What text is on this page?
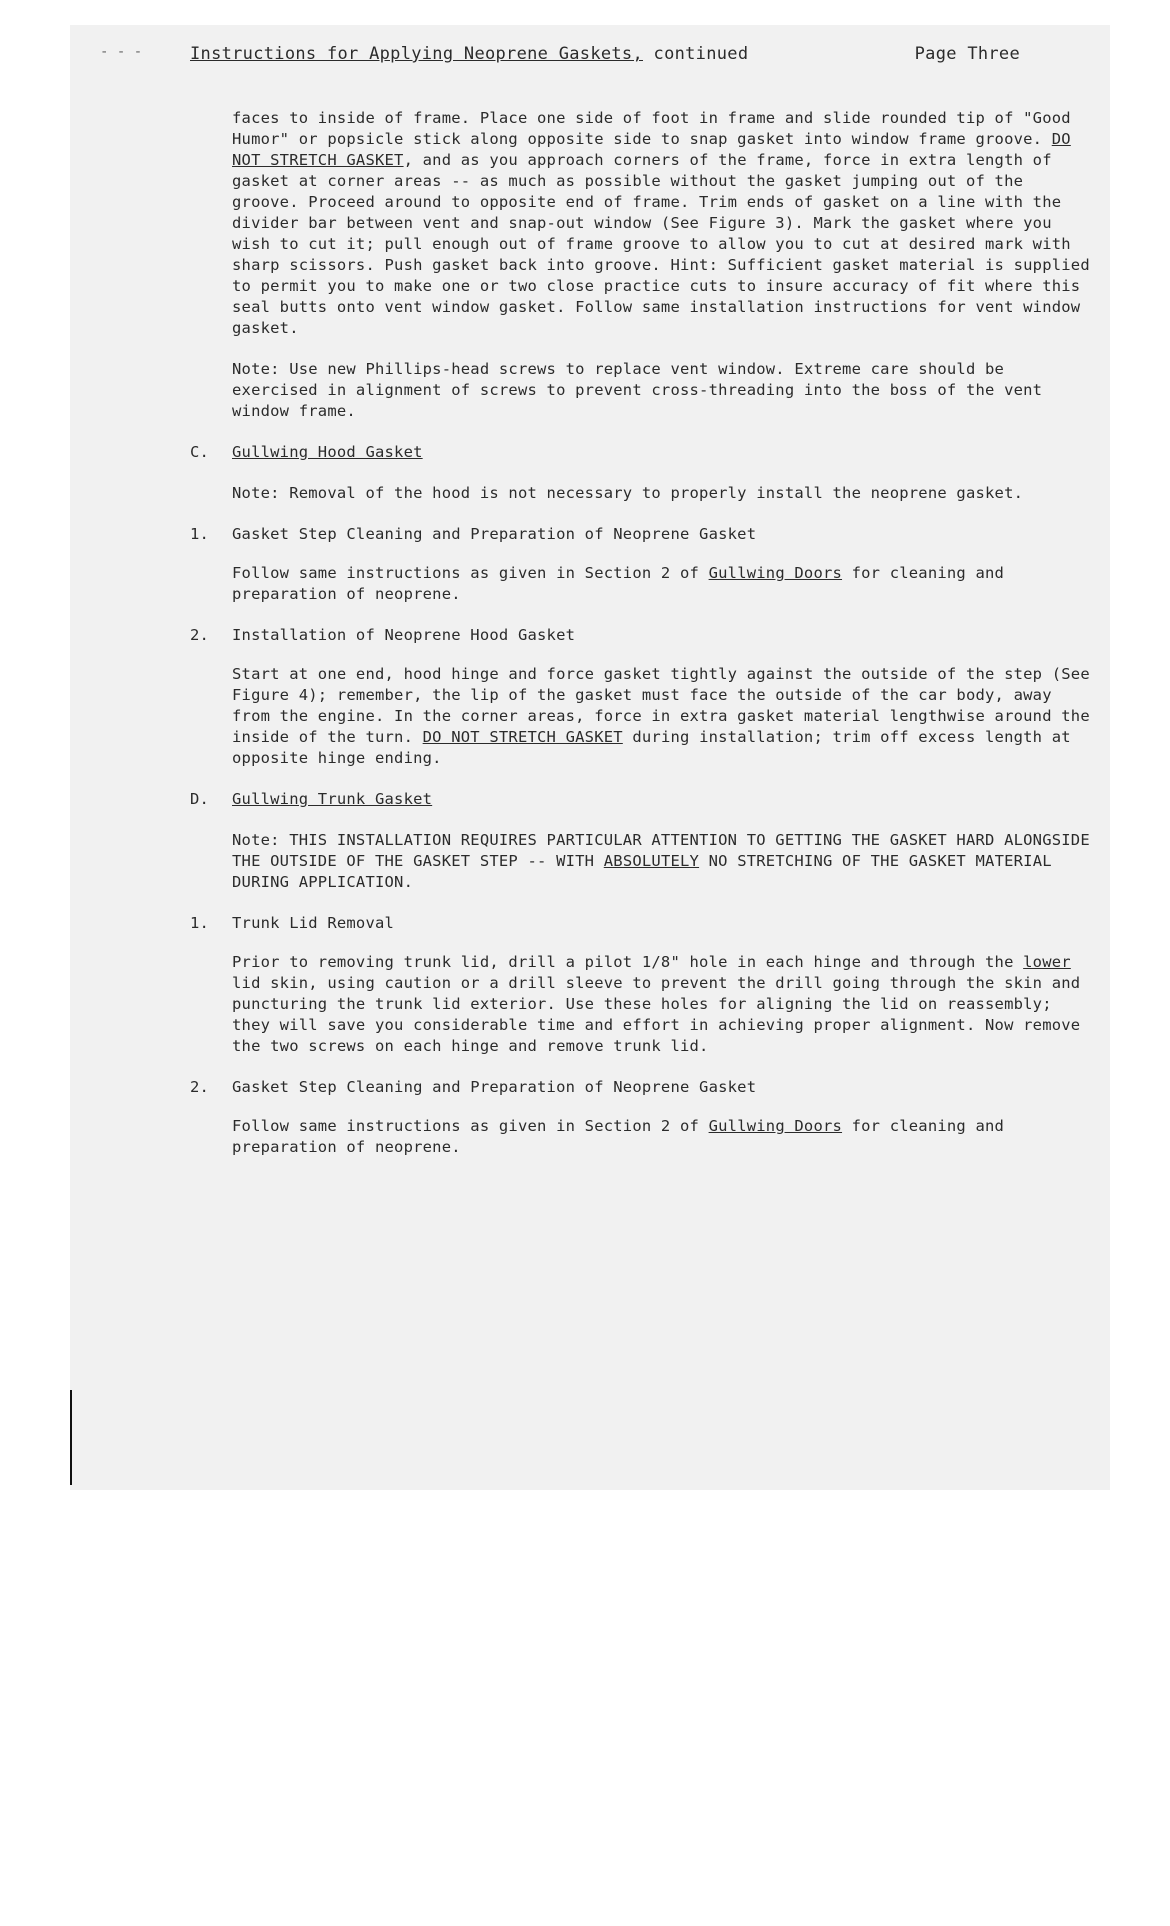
- - -	Instructions for Applying Neoprene Gaskets, continued	Page Three

faces to inside of frame. Place one side of foot in frame and slide rounded tip of "Good Humor" or popsicle stick along opposite side to snap gasket into window frame groove. DO NOT STRETCH GASKET, and as you approach corners of the frame, force in extra length of gasket at corner areas -- as much as possible without the gasket jumping out of the groove. Proceed around to opposite end of frame. Trim ends of gasket on a line with the divider bar between vent and snap-out window (See Figure 3). Mark the gasket where you wish to cut it; pull enough out of frame groove to allow you to cut at desired mark with sharp scissors. Push gasket back into groove. Hint: Sufficient gasket material is supplied to permit you to make one or two close practice cuts to insure accuracy of fit where this seal butts onto vent window gasket. Follow same installation instructions for vent window gasket.

Note: Use new Phillips-head screws to replace vent window. Extreme care should be exercised in alignment of screws to prevent cross-threading into the boss of the vent window frame.

C. Gullwing Hood Gasket

Note: Removal of the hood is not necessary to properly install the neoprene gasket.

1. Gasket Step Cleaning and Preparation of Neoprene Gasket

Follow same instructions as given in Section 2 of Gullwing Doors for cleaning and preparation of neoprene.

2. Installation of Neoprene Hood Gasket

Start at one end, hood hinge and force gasket tightly against the outside of the step (See Figure 4); remember, the lip of the gasket must face the outside of the car body, away from the engine. In the corner areas, force in extra gasket material lengthwise around the inside of the turn. DO NOT STRETCH GASKET during installation; trim off excess length at opposite hinge ending.

D. Gullwing Trunk Gasket

Note: THIS INSTALLATION REQUIRES PARTICULAR ATTENTION TO GETTING THE GASKET HARD ALONGSIDE THE OUTSIDE OF THE GASKET STEP -- WITH ABSOLUTELY NO STRETCHING OF THE GASKET MATERIAL DURING APPLICATION.

1. Trunk Lid Removal

Prior to removing trunk lid, drill a pilot 1/8" hole in each hinge and through the lower lid skin, using caution or a drill sleeve to prevent the drill going through the skin and puncturing the trunk lid exterior. Use these holes for aligning the lid on reassembly; they will save you considerable time and effort in achieving proper alignment. Now remove the two screws on each hinge and remove trunk lid.

2. Gasket Step Cleaning and Preparation of Neoprene Gasket

Follow same instructions as given in Section 2 of Gullwing Doors for cleaning and preparation of neoprene.
